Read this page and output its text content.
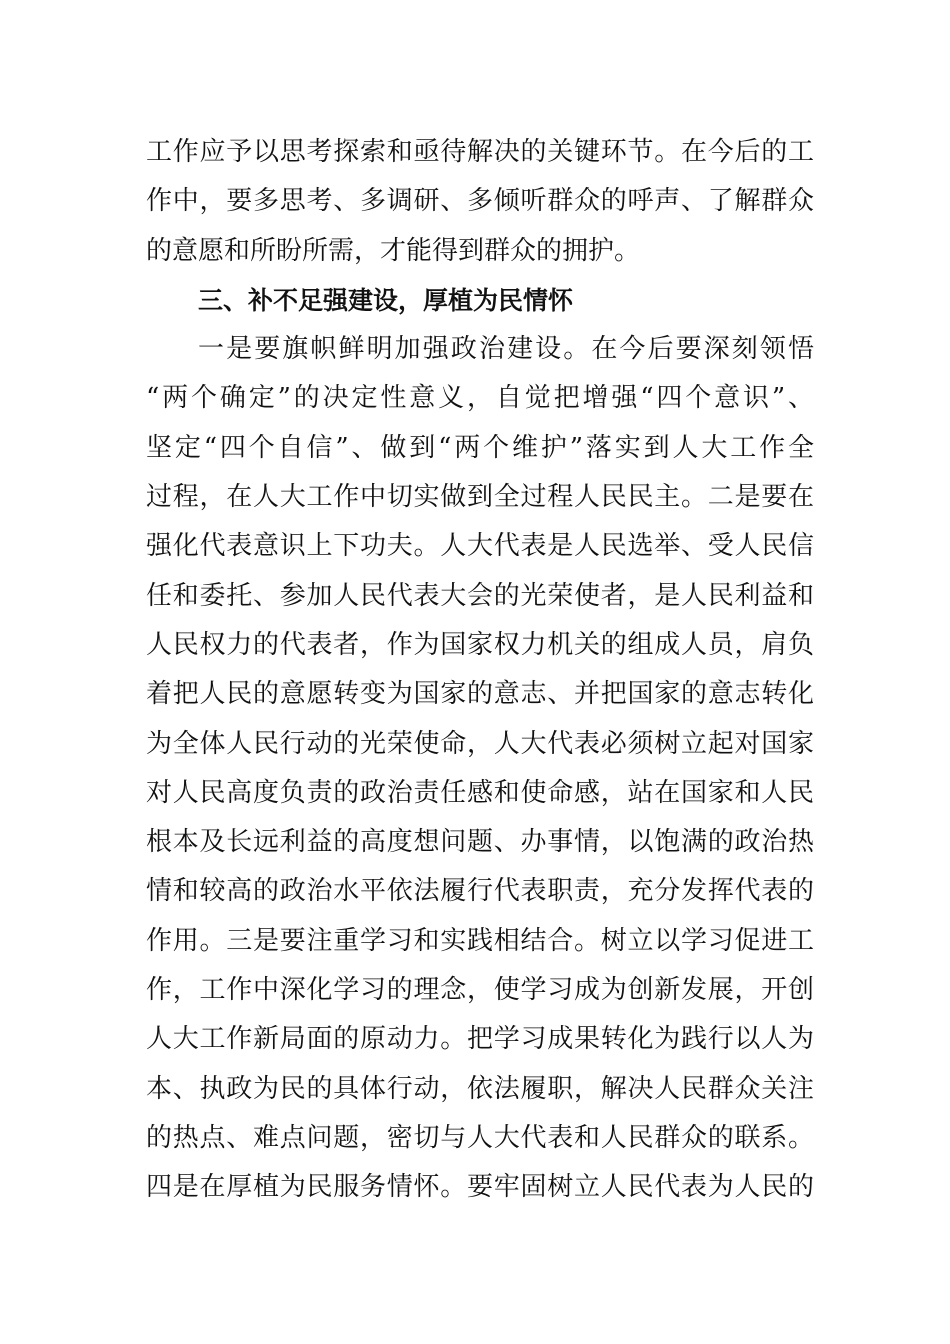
工作应予以思考探索和亟待解决的关键环节。在今后的工
作中，要多思考、多调研、多倾听群众的呼声、了解群众
的意愿和所盼所需，才能得到群众的拥护。

三、补不足强建设，厚植为民情怀

一是要旗帜鲜明加强政治建设。在今后要深刻领悟
“两个确定”的决定性意义，自觉把增强“四个意识”、
坚定“四个自信”、做到“两个维护”落实到人大工作全
过程，在人大工作中切实做到全过程人民民主。二是要在
强化代表意识上下功夫。人大代表是人民选举、受人民信
任和委托、参加人民代表大会的光荣使者，是人民利益和
人民权力的代表者，作为国家权力机关的组成人员，肩负
着把人民的意愿转变为国家的意志、并把国家的意志转化
为全体人民行动的光荣使命，人大代表必须树立起对国家
对人民高度负责的政治责任感和使命感，站在国家和人民
根本及长远利益的高度想问题、办事情，以饱满的政治热
情和较高的政治水平依法履行代表职责，充分发挥代表的
作用。三是要注重学习和实践相结合。树立以学习促进工
作，工作中深化学习的理念，使学习成为创新发展，开创
人大工作新局面的原动力。把学习成果转化为践行以人为
本、执政为民的具体行动，依法履职，解决人民群众关注
的热点、难点问题，密切与人大代表和人民群众的联系。
四是在厚植为民服务情怀。要牢固树立人民代表为人民的
